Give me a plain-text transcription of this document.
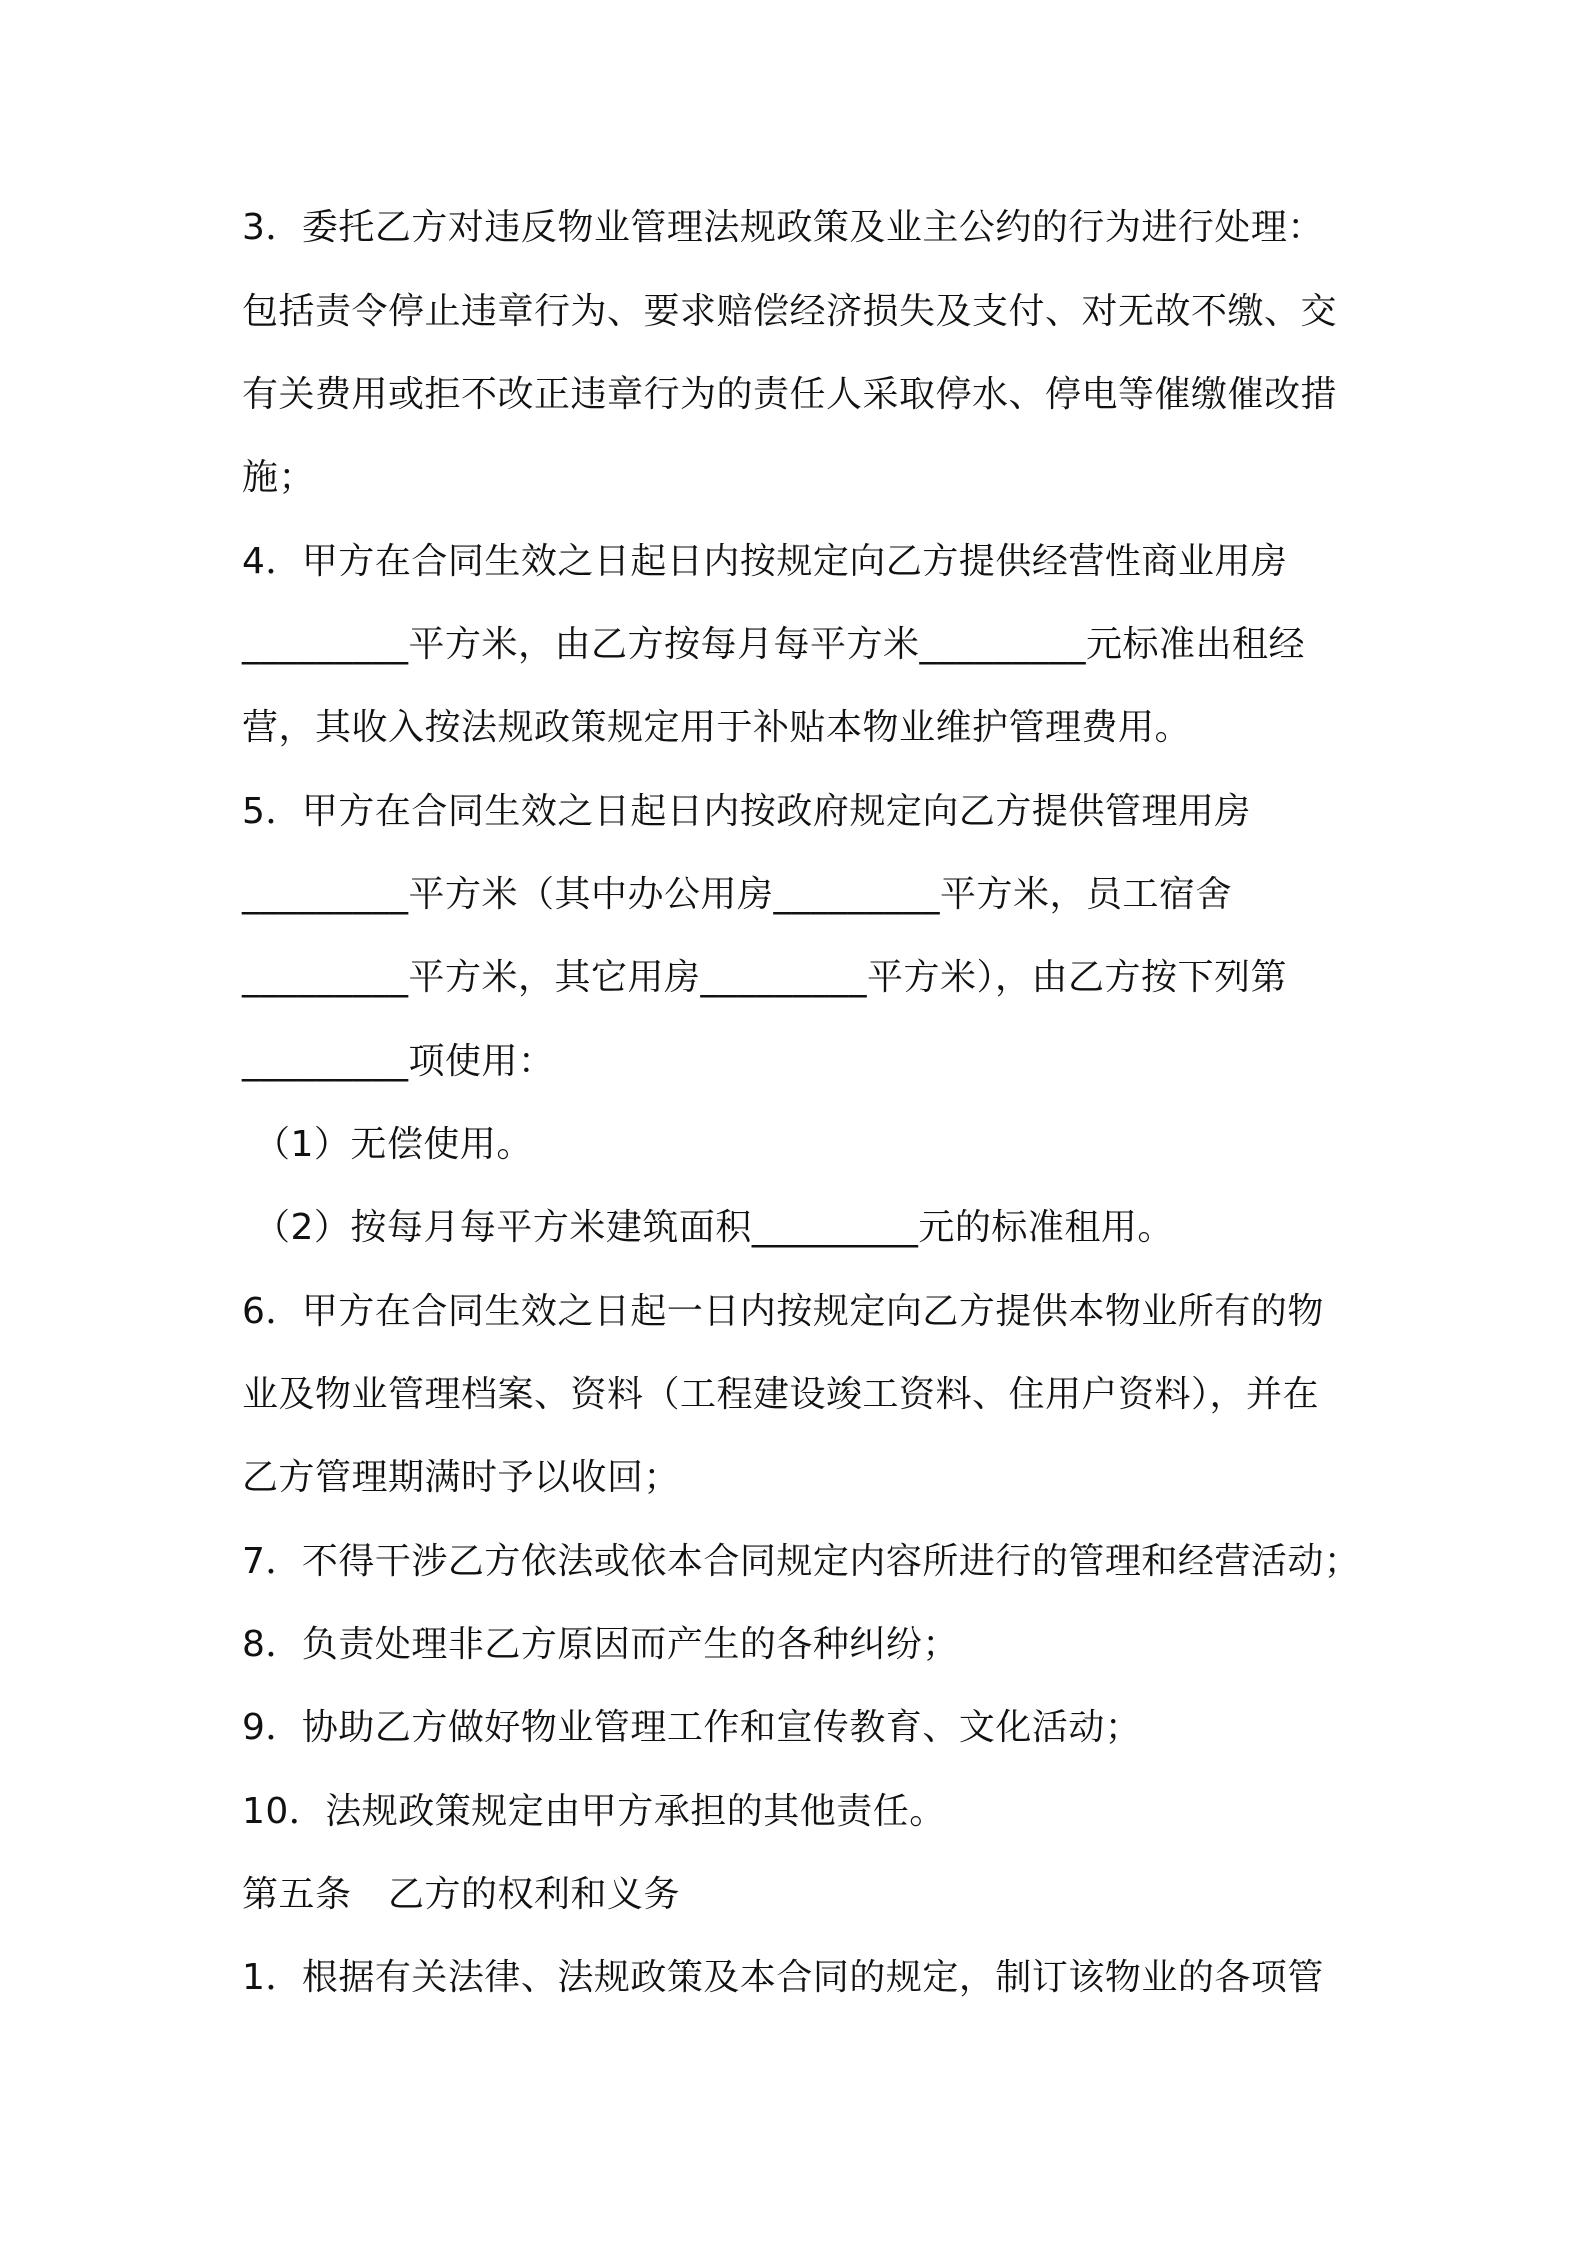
3．委托乙方对违反物业管理法规政策及业主公约的行为进行处理：

包括责令停止违章行为、要求赔偿经济损失及支付、对无故不缴、交

有关费用或拒不改正违章行为的责任人采取停水、停电等催缴催改措

施；

4．甲方在合同生效之日起日内按规定向乙方提供经营性商业用房

_________平方米，由乙方按每月每平方米_________元标准出租经

营，其收入按法规政策规定用于补贴本物业维护管理费用。

5．甲方在合同生效之日起日内按政府规定向乙方提供管理用房

_________平方米（其中办公用房_________平方米，员工宿舍

_________平方米，其它用房_________平方米），由乙方按下列第

_________项使用：

（1）无偿使用。

（2）按每月每平方米建筑面积_________元的标准租用。

6．甲方在合同生效之日起一日内按规定向乙方提供本物业所有的物

业及物业管理档案、资料（工程建设竣工资料、住用户资料），并在

乙方管理期满时予以收回；

7．不得干涉乙方依法或依本合同规定内容所进行的管理和经营活动；

8．负责处理非乙方原因而产生的各种纠纷；

9．协助乙方做好物业管理工作和宣传教育、文化活动；

10．法规政策规定由甲方承担的其他责任。

第五条　乙方的权利和义务

1．根据有关法律、法规政策及本合同的规定，制订该物业的各项管
